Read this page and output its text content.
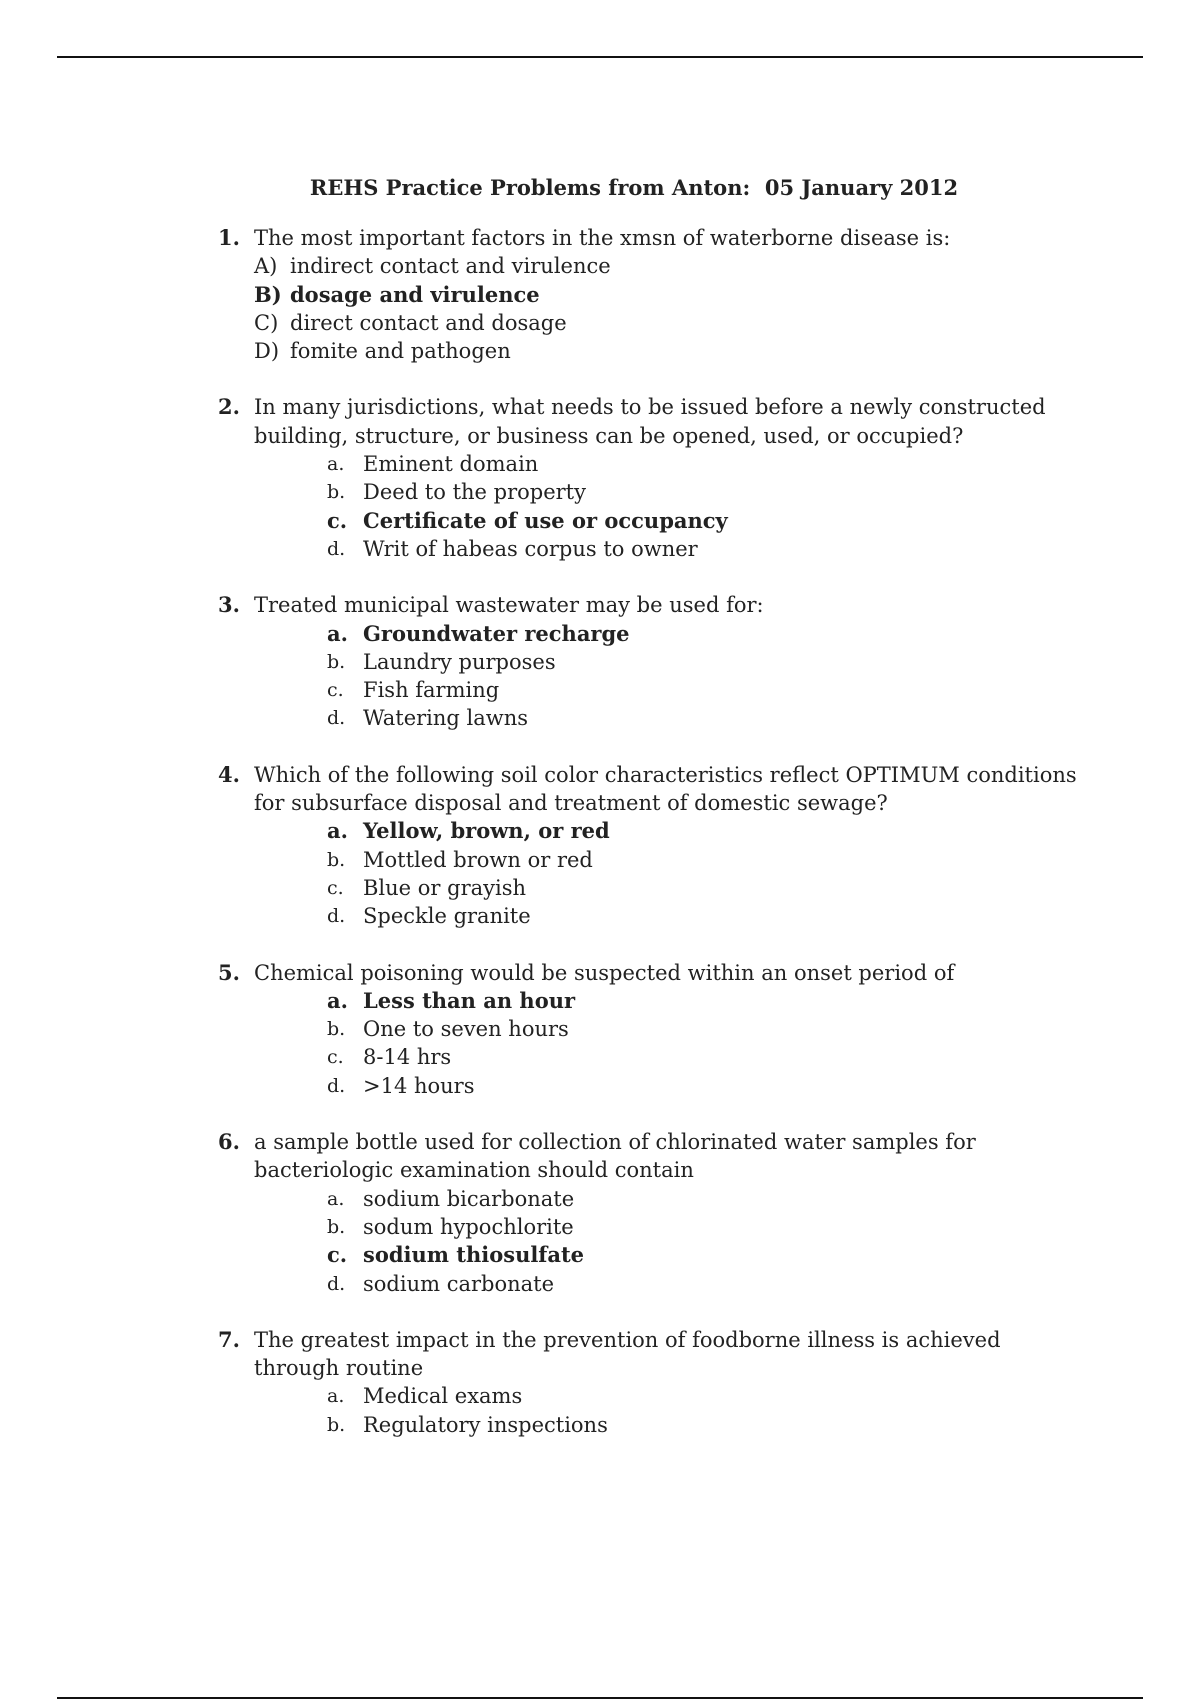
REHS Practice Problems from Anton:  05 January 2012
1. The most important factors in the xmsn of waterborne disease is:
A) indirect contact and virulence
B) dosage and virulence
C) direct contact and dosage
D) fomite and pathogen
2. In many jurisdictions, what needs to be issued before a newly constructed building, structure, or business can be opened, used, or occupied?
a. Eminent domain
b. Deed to the property
c. Certificate of use or occupancy
d. Writ of habeas corpus to owner
3. Treated municipal wastewater may be used for:
a. Groundwater recharge
b. Laundry purposes
c. Fish farming
d. Watering lawns
4. Which of the following soil color characteristics reflect OPTIMUM conditions for subsurface disposal and treatment of domestic sewage?
a. Yellow, brown, or red
b. Mottled brown or red
c. Blue or grayish
d. Speckle granite
5. Chemical poisoning would be suspected within an onset period of
a. Less than an hour
b. One to seven hours
c. 8-14 hrs
d. >14 hours
6. a sample bottle used for collection of chlorinated water samples for bacteriologic examination should contain
a. sodium bicarbonate
b. sodum hypochlorite
c. sodium thiosulfate
d. sodium carbonate
7. The greatest impact in the prevention of foodborne illness is achieved through routine
a. Medical exams
b. Regulatory inspections
